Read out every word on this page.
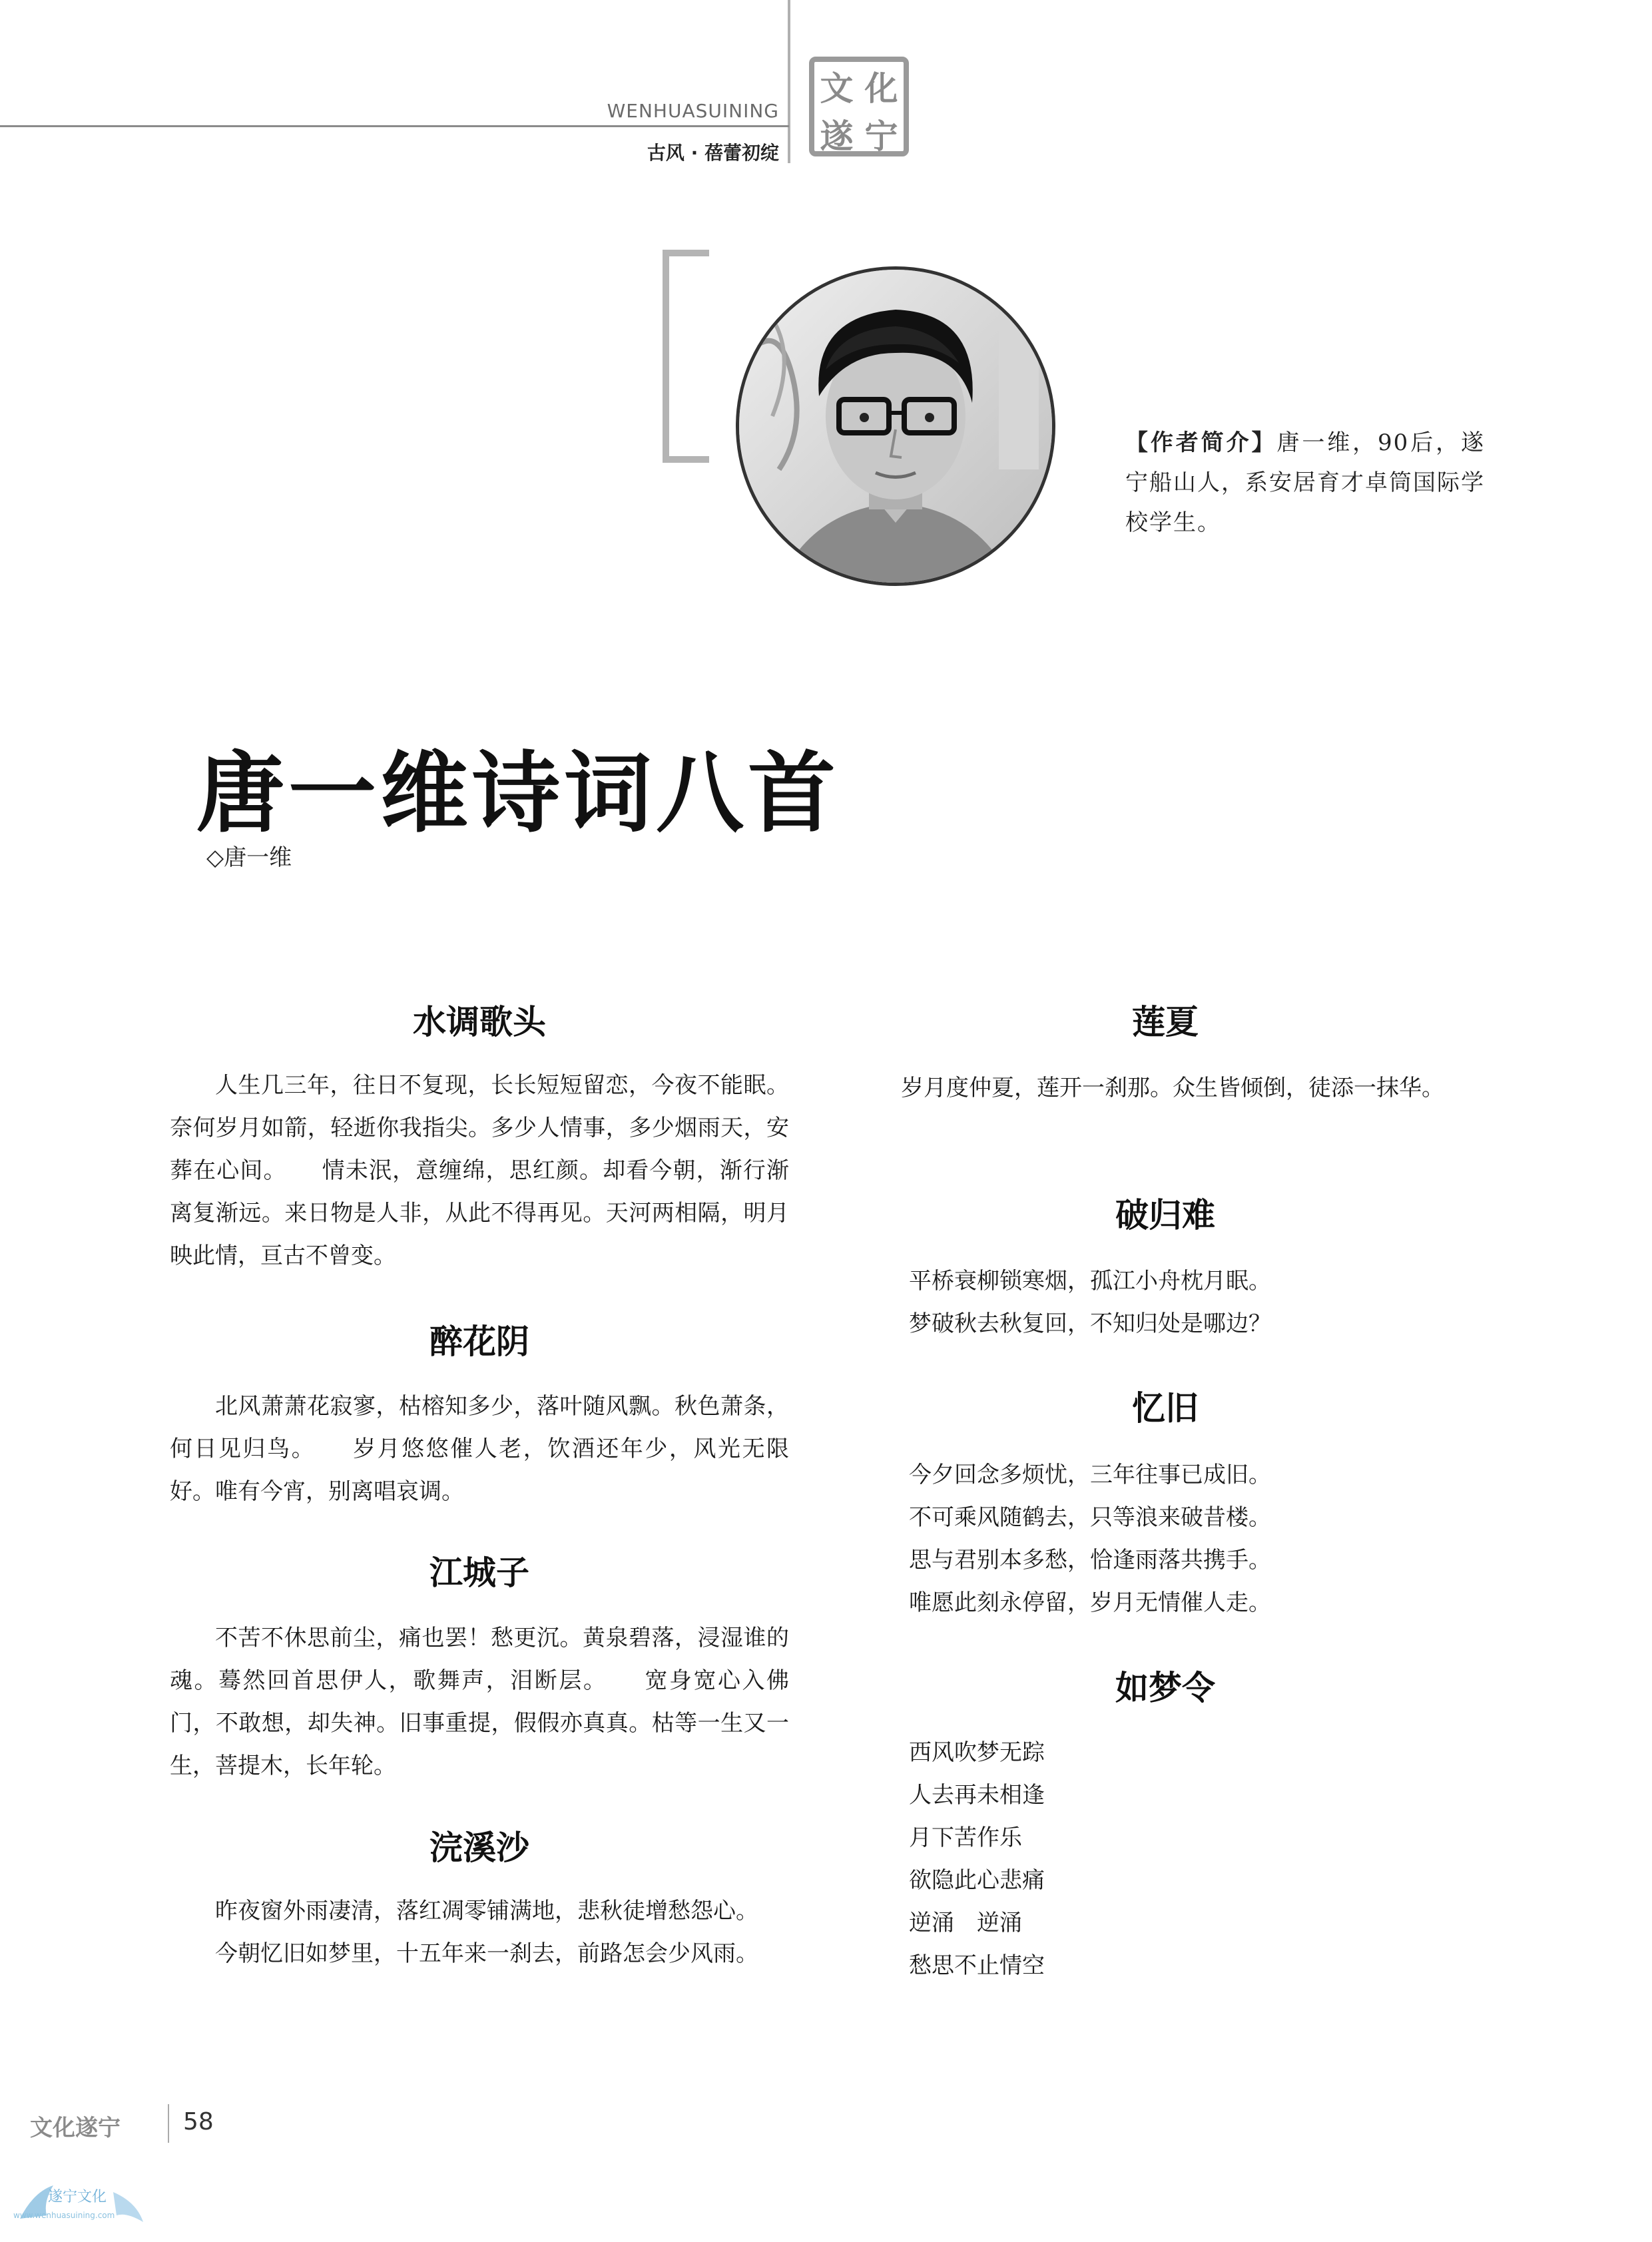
WENHUASUINING
古风 · 蓓蕾初绽
文 化
遂 宁
【作者简介】唐一维，90后，遂宁船山人，系安居育才卓筒国际学校学生。
唐一维诗词八首
◇唐一维
水调歌头

人生几三年，往日不复现，长长短短留恋，今夜不能眠。奈何岁月如箭，轻逝你我指尖。多少人情事，多少烟雨天，安葬在心间。　　情未泯，意缠绵，思红颜。却看今朝，渐行渐离复渐远。来日物是人非，从此不得再见。天河两相隔，明月映此情，亘古不曾变。

醉花阴

北风萧萧花寂寥，枯榕知多少，落叶随风飘。秋色萧条，何日见归鸟。　　岁月悠悠催人老，饮酒还年少，风光无限好。唯有今宵，别离唱哀调。

江城子

不苦不休思前尘，痛也罢！愁更沉。黄泉碧落，浸湿谁的魂。蓦然回首思伊人，歌舞声，泪断层。　　宽身宽心入佛门，不敢想，却失神。旧事重提，假假亦真真。枯等一生又一生，菩提木，长年轮。

浣溪沙

昨夜窗外雨凄清，落红凋零铺满地，悲秋徒增愁怨心。

今朝忆旧如梦里，十五年来一刹去，前路怎会少风雨。

莲夏

岁月度仲夏，莲开一刹那。众生皆倾倒，徒添一抹华。

破归难

平桥衰柳锁寒烟，孤江小舟枕月眠。

梦破秋去秋复回，不知归处是哪边？

忆旧

今夕回念多烦忧，三年往事已成旧。

不可乘风随鹤去，只等浪来破昔楼。

思与君别本多愁，恰逢雨落共携手。

唯愿此刻永停留，岁月无情催人走。

如梦令

西风吹梦无踪

人去再未相逢

月下苦作乐

欲隐此心悲痛

逆涌　逆涌

愁思不止情空

文化遂宁	58
遂宁文化
www.wenhuasuining.com
